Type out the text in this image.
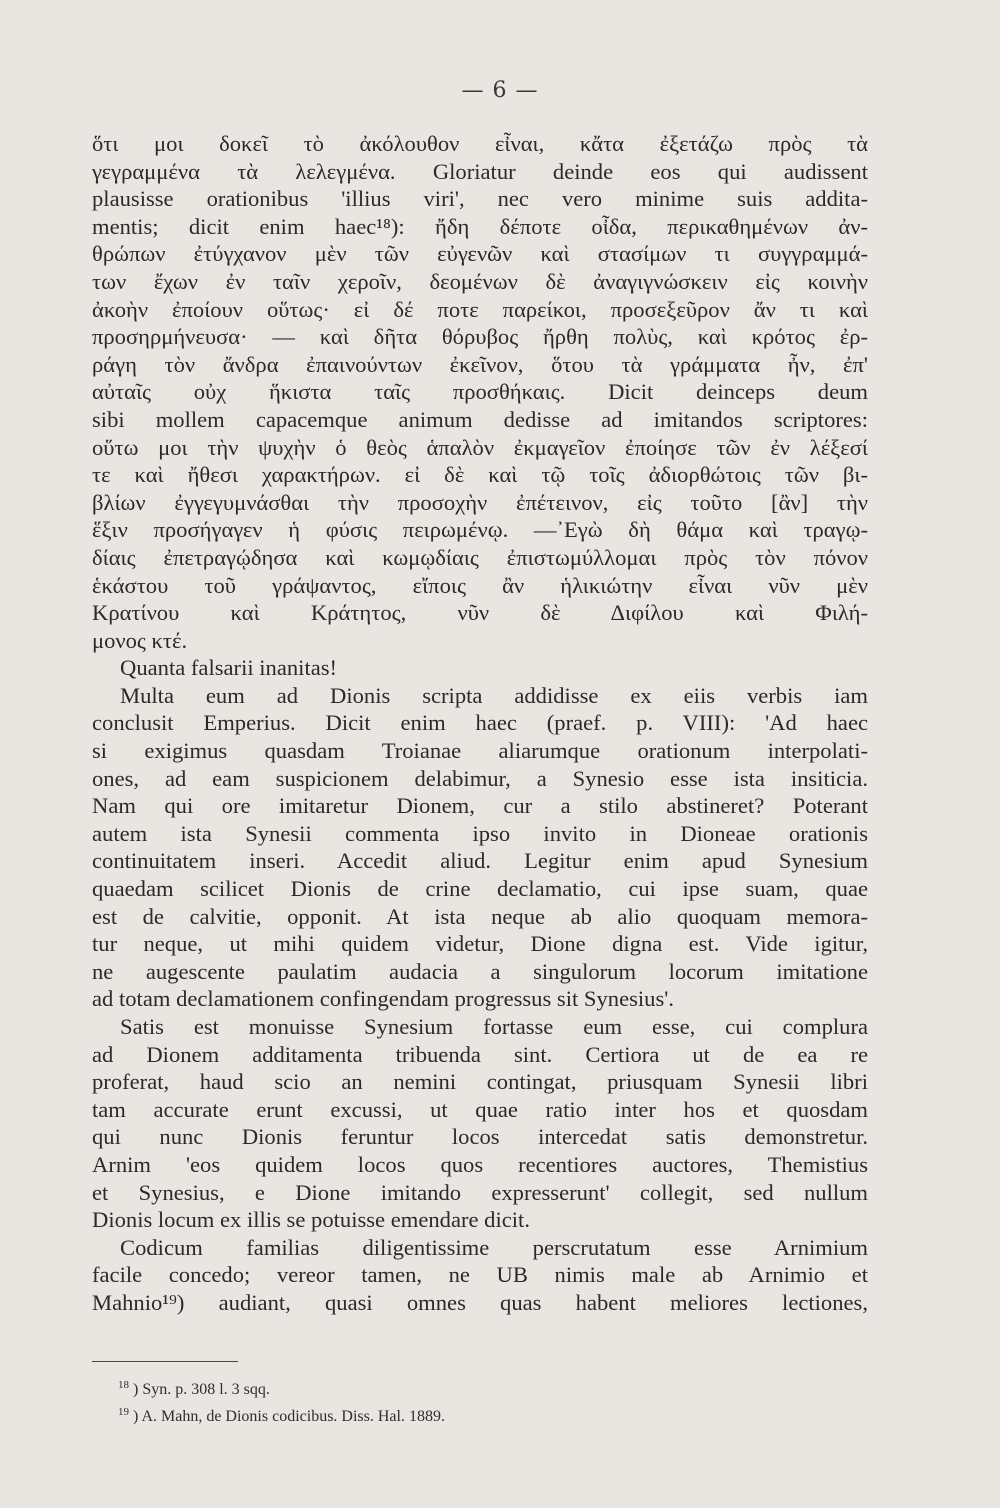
— 6 —
ὅτι μοι δοκεῖ τὸ ἀκόλουθον εἶναι, κἄτα ἐξετάζω πρὸς τὰ
γεγραμμένα τὰ λελεγμένα. Gloriatur deinde eos qui audissent
plausisse orationibus 'illius viri', nec vero minime suis addita-
mentis; dicit enim haec¹⁸): ἤδη δέποτε οἶδα, περικαθημένων ἀν-
θρώπων ἐτύγχανον μὲν τῶν εὐγενῶν καὶ στασίμων τι συγγραμμά-
των ἔχων ἐν ταῖν χεροῖν, δεομένων δὲ ἀναγιγνώσκειν εἰς κοινὴν
ἀκοὴν ἐποίουν οὕτως· εἰ δέ ποτε παρείκοι, προσεξεῦρον ἄν τι καὶ
προσηρμήνευσα· — καὶ δῆτα θόρυβος ἤρθη πολὺς, καὶ κρότος ἐρ-
ράγη τὸν ἄνδρα ἐπαινούντων ἐκεῖνον, ὅτου τὰ γράμματα ἦν, ἐπ'
αὐταῖς οὐχ ἥκιστα ταῖς προσθήκαις. Dicit deinceps deum
sibi mollem capacemque animum dedisse ad imitandos scriptores:
οὕτω μοι τὴν ψυχὴν ὁ θεὸς ἁπαλὸν ἐκμαγεῖον ἐποίησε τῶν ἐν λέξεσί
τε καὶ ἤθεσι χαρακτήρων. εἰ δὲ καὶ τῷ τοῖς ἀδιορθώτοις τῶν βι-
βλίων ἐγγεγυμνάσθαι τὴν προσοχὴν ἐπέτεινον, εἰς τοῦτο [ἂν] τὴν
ἕξιν προσήγαγεν ἡ φύσις πειρωμένῳ. —᾿Εγὼ δὴ θάμα καὶ τραγῳ-
δίαις ἐπετραγῴδησα καὶ κωμῳδίαις ἐπιστωμύλλομαι πρὸς τὸν πόνον
ἑκάστου τοῦ γράψαντος, εἴποις ἂν ἡλικιώτην εἶναι νῦν μὲν
Κρατίνου καὶ Κράτητος, νῦν δὲ Διφίλου καὶ Φιλή-
μονος κτέ.
Quanta falsarii inanitas!
Multa eum ad Dionis scripta addidisse ex eiis verbis iam
conclusit Emperius. Dicit enim haec (praef. p. VIII): 'Ad haec
si exigimus quasdam Troianae aliarumque orationum interpolati-
ones, ad eam suspicionem delabimur, a Synesio esse ista insiticia.
Nam qui ore imitaretur Dionem, cur a stilo abstineret? Poterant
autem ista Synesii commenta ipso invito in Dioneae orationis
continuitatem inseri. Accedit aliud. Legitur enim apud Synesium
quaedam scilicet Dionis de crine declamatio, cui ipse suam, quae
est de calvitie, opponit. At ista neque ab alio quoquam memora-
tur neque, ut mihi quidem videtur, Dione digna est. Vide igitur,
ne augescente paulatim audacia a singulorum locorum imitatione
ad totam declamationem confingendam progressus sit Synesius'.
Satis est monuisse Synesium fortasse eum esse, cui complura
ad Dionem additamenta tribuenda sint. Certiora ut de ea re
proferat, haud scio an nemini contingat, priusquam Synesii libri
tam accurate erunt excussi, ut quae ratio inter hos et quosdam
qui nunc Dionis feruntur locos intercedat satis demonstretur.
Arnim 'eos quidem locos quos recentiores auctores, Themistius
et Synesius, e Dione imitando expresserunt' collegit, sed nullum
Dionis locum ex illis se potuisse emendare dicit.
Codicum familias diligentissime perscrutatum esse Arnimium
facile concedo; vereor tamen, ne UB nimis male ab Arnimio et
Mahnio¹⁹) audiant, quasi omnes quas habent meliores lectiones,
$^{18}$ ) Syn. p. 308 l. 3 sqq.
$^{19}$ ) A. Mahn, de Dionis codicibus. Diss. Hal. 1889.
